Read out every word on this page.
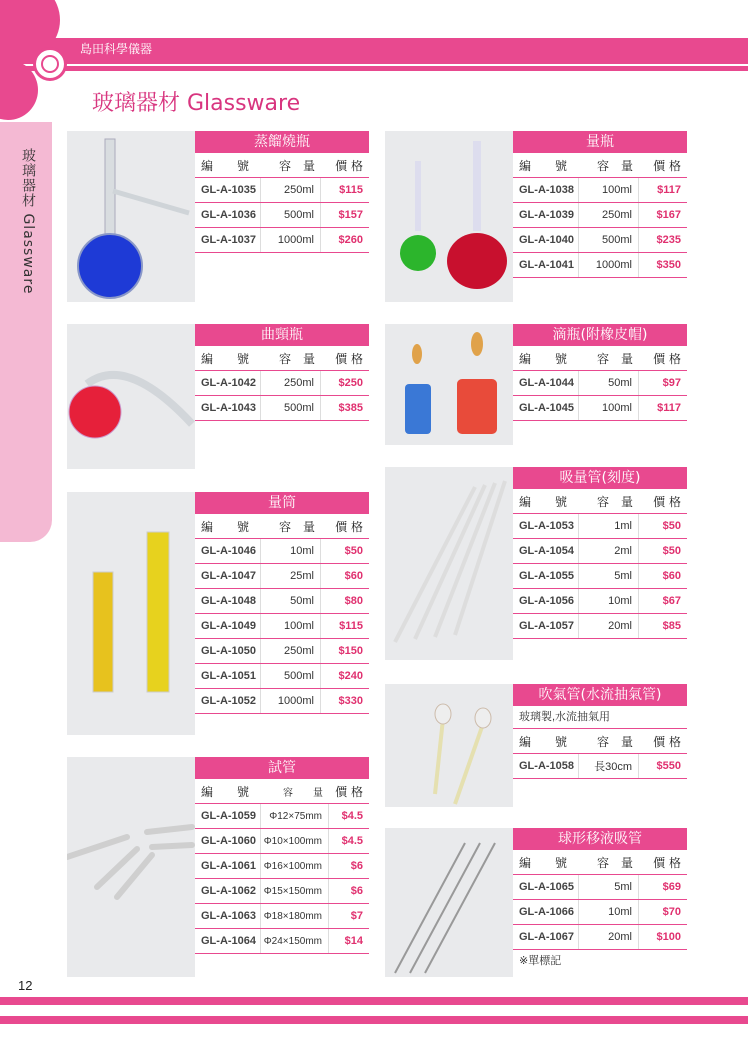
島田科學儀器
玻璃器材 Glassware
玻璃器材 Glassware
蒸餾燒瓶
編　　號	容　量	價 格
GL-A-1035	250ml	$115
GL-A-1036	500ml	$157
GL-A-1037	1000ml	$260
曲頸瓶
編　　號	容　量	價 格
GL-A-1042	250ml	$250
GL-A-1043	500ml	$385
量筒
編　　號	容　量	價 格
GL-A-1046	10ml	$50
GL-A-1047	25ml	$60
GL-A-1048	50ml	$80
GL-A-1049	100ml	$115
GL-A-1050	250ml	$150
GL-A-1051	500ml	$240
GL-A-1052	1000ml	$330
試管
編　　號	容　　量	價 格
GL-A-1059	Φ12×75mm	$4.5
GL-A-1060 Φ10×100mm	$4.5
GL-A-1061 Φ16×100mm	$6
GL-A-1062 Φ15×150mm	$6
GL-A-1063 Φ18×180mm	$7
GL-A-1064 Φ24×150mm	$14
量瓶
編　　號	容　量	價 格
GL-A-1038	100ml	$117
GL-A-1039	250ml	$167
GL-A-1040	500ml	$235
GL-A-1041	1000ml	$350
滴瓶(附橡皮帽)
編　　號	容　量	價 格
GL-A-1044	50ml	$97
GL-A-1045	100ml	$117
吸量管(刻度)
編　　號	容　量	價 格
GL-A-1053	1ml	$50
GL-A-1054	2ml	$50
GL-A-1055	5ml	$60
GL-A-1056	10ml	$67
GL-A-1057	20ml	$85
吹氣管(水流抽氣管)
玻璃製,水流抽氣用
編　　號	容　量	價 格
GL-A-1058	長30cm	$550
球形移液吸管
編　　號	容　量	價 格
GL-A-1065	5ml	$69
GL-A-1066	10ml	$70
GL-A-1067	20ml	$100
※單標記
12
